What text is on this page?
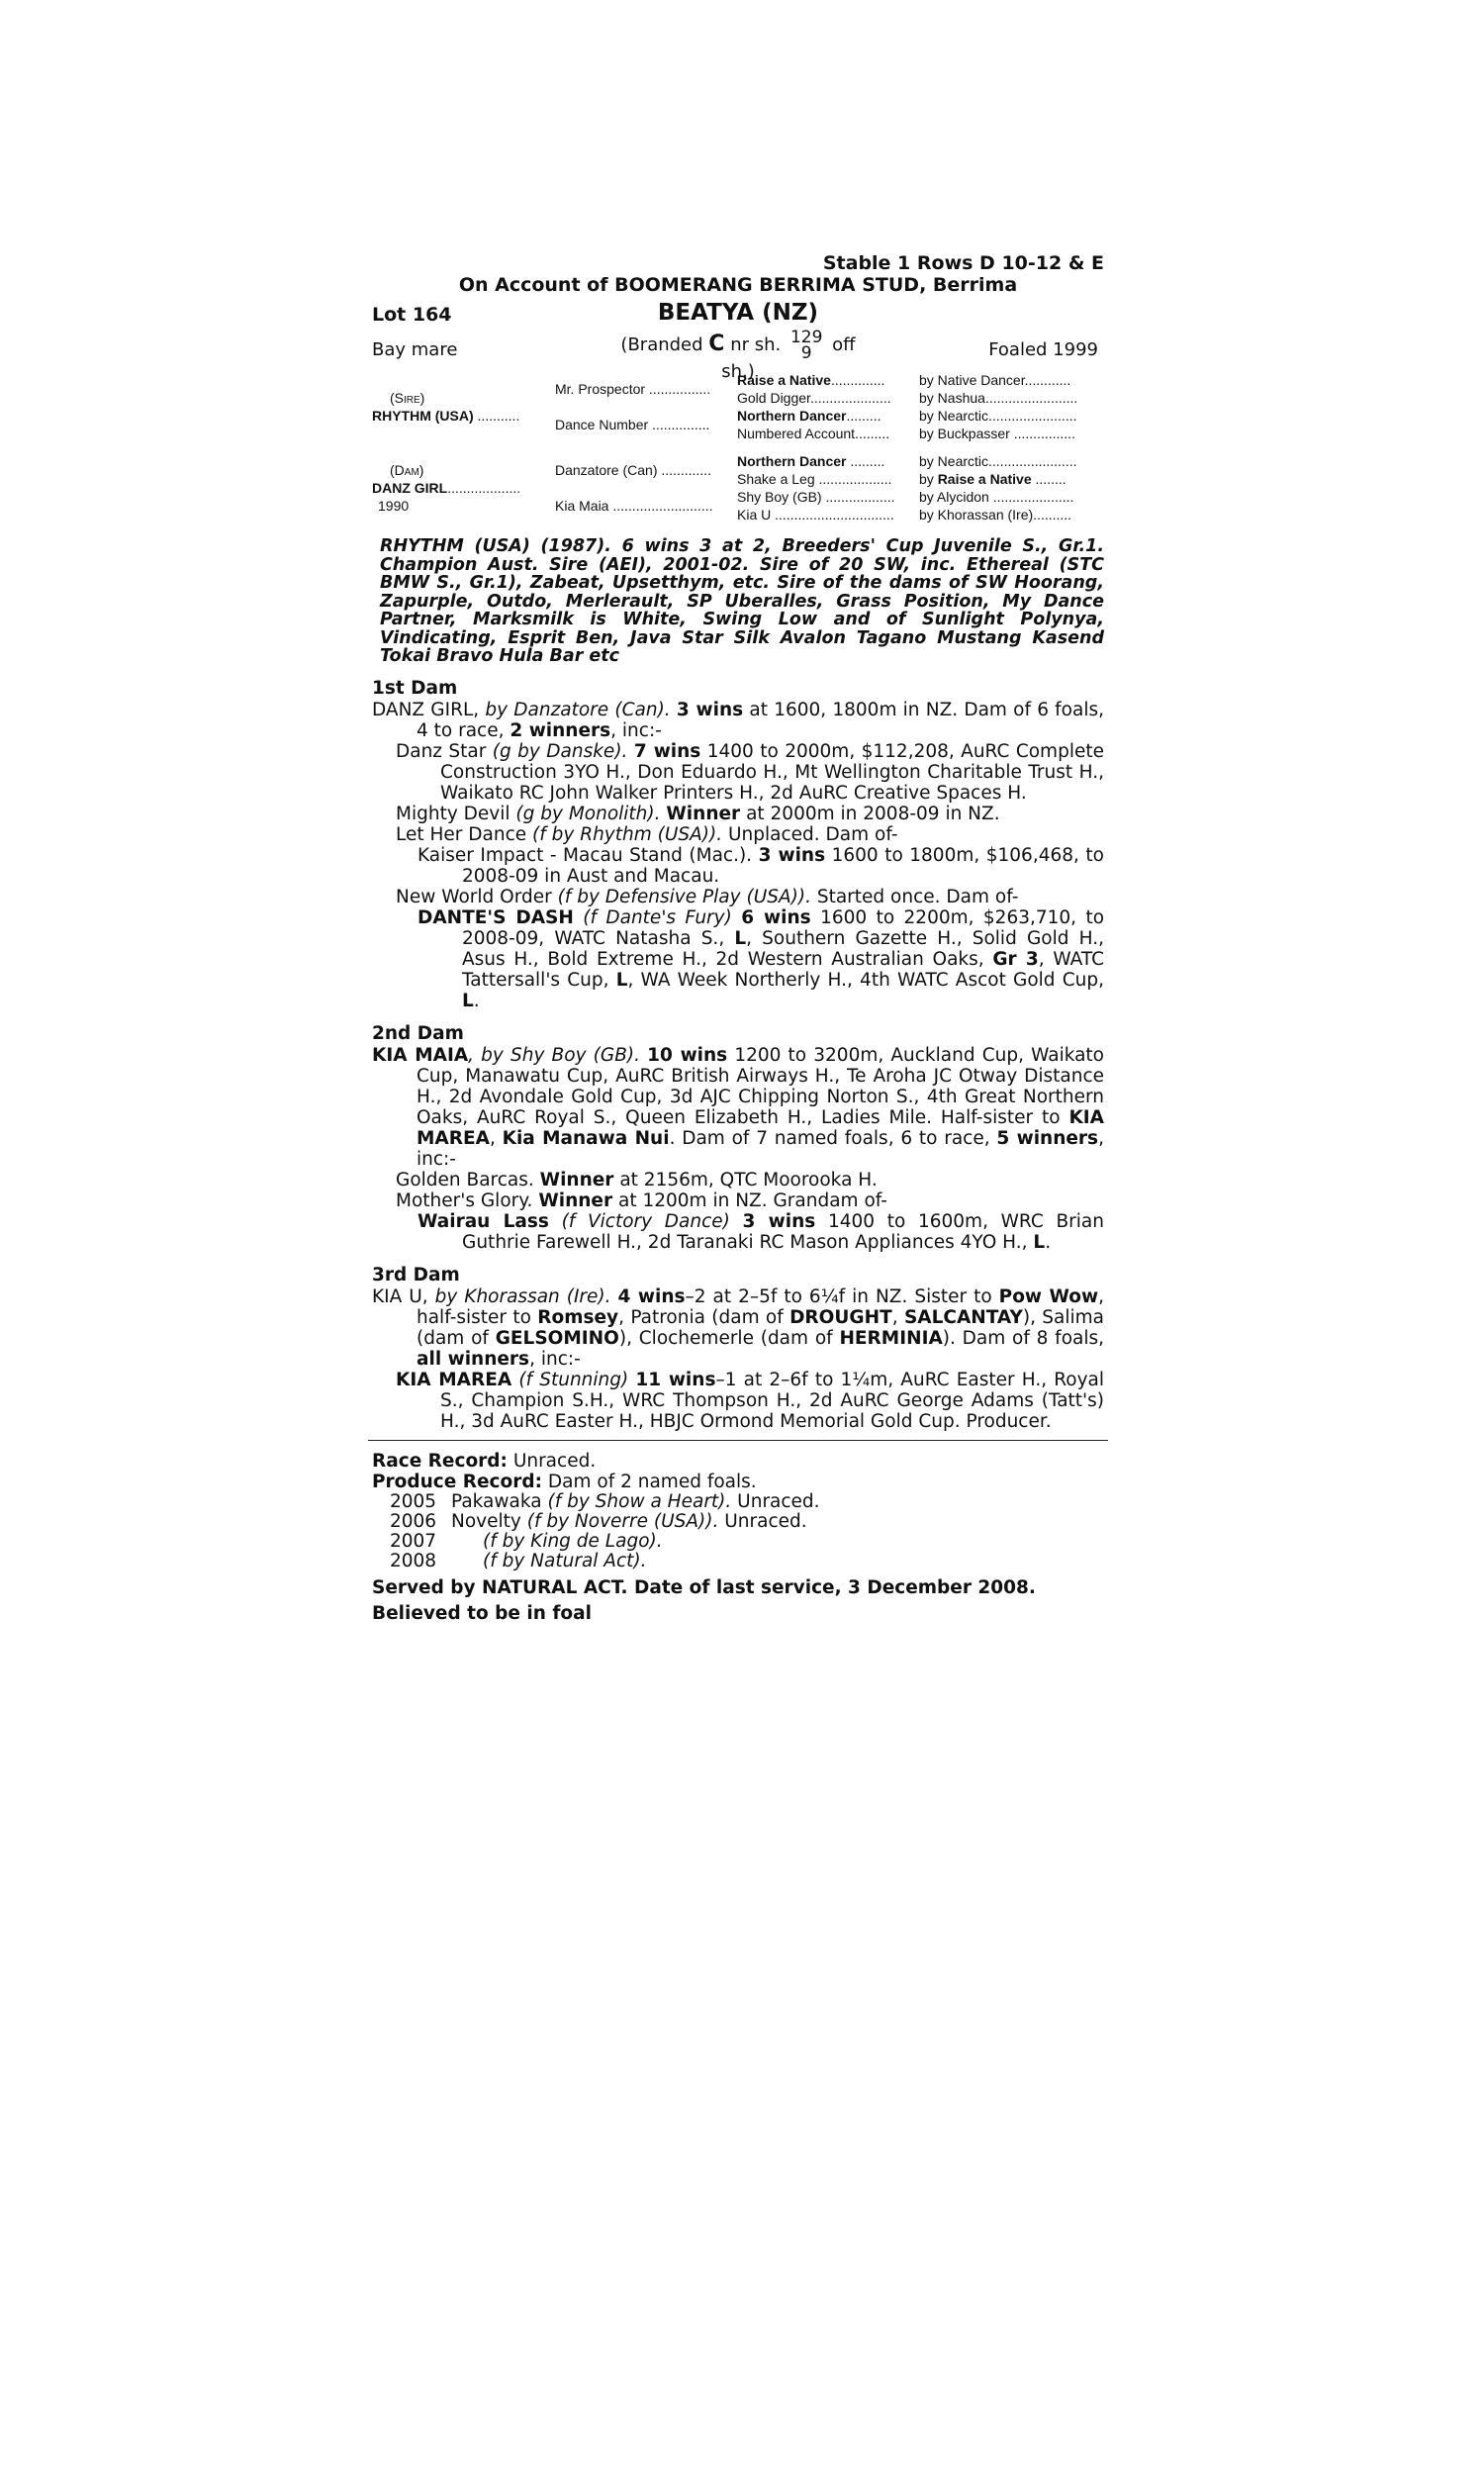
Stable 1 Rows D 10-12 & E
On Account of BOOMERANG BERRIMA STUD, Berrima
Lot 164	BEATYA (NZ)
Bay mare	(Branded C nr sh. 129
9	off sh.)
Foaled 1999
(Sire)
RHYTHM (USA) ...........	Mr. Prospector ................	Raise a Native..............	by Native Dancer............
		Gold Digger.....................	by Nashua........................
	Dance Number ...............	Northern Dancer.........	by Nearctic.......................
		Numbered Account.........	by Buckpasser ................

(Dam)
DANZ GIRL...................
1990	Danzatore (Can) .............	Northern Dancer .........	by Nearctic.......................
		Shake a Leg ...................	by Raise a Native ........
	Kia Maia ..........................	Shy Boy (GB) ..................	by Alycidon .....................
		Kia U ...............................	by Khorassan (Ire)..........
RHYTHM (USA) (1987). 6 wins 3 at 2, Breeders' Cup Juvenile S., Gr.1. Champion Aust. Sire (AEI), 2001-02. Sire of 20 SW, inc. Ethereal (STC BMW S., Gr.1), Zabeat, Upsetthym, etc. Sire of the dams of SW Hoorang, Zapurple, Outdo, Merlerault, SP Uberalles, Grass Position, My Dance Partner, Marksmilk is White, Swing Low and of Sunlight Polynya, Vindicating, Esprit Ben, Java Star Silk Avalon Tagano Mustang Kasend Tokai Bravo Hula Bar etc
1st Dam
DANZ GIRL, by Danzatore (Can). 3 wins at 1600, 1800m in NZ. Dam of 6 foals, 4 to race, 2 winners, inc:-
Danz Star (g by Danske). 7 wins 1400 to 2000m, $112,208, AuRC Complete Construction 3YO H., Don Eduardo H., Mt Wellington Charitable Trust H., Waikato RC John Walker Printers H., 2d AuRC Creative Spaces H.
Mighty Devil (g by Monolith). Winner at 2000m in 2008-09 in NZ.
Let Her Dance (f by Rhythm (USA)). Unplaced. Dam of-
Kaiser Impact - Macau Stand (Mac.). 3 wins 1600 to 1800m, $106,468, to 2008-09 in Aust and Macau.
New World Order (f by Defensive Play (USA)). Started once. Dam of-
DANTE'S DASH (f Dante's Fury) 6 wins 1600 to 2200m, $263,710, to 2008-09, WATC Natasha S., L, Southern Gazette H., Solid Gold H., Asus H., Bold Extreme H., 2d Western Australian Oaks, Gr 3, WATC Tattersall's Cup, L, WA Week Northerly H., 4th WATC Ascot Gold Cup, L.
2nd Dam
KIA MAIA, by Shy Boy (GB). 10 wins 1200 to 3200m, Auckland Cup, Waikato Cup, Manawatu Cup, AuRC British Airways H., Te Aroha JC Otway Distance H., 2d Avondale Gold Cup, 3d AJC Chipping Norton S., 4th Great Northern Oaks, AuRC Royal S., Queen Elizabeth H., Ladies Mile. Half-sister to KIA MAREA, Kia Manawa Nui. Dam of 7 named foals, 6 to race, 5 winners, inc:-
Golden Barcas. Winner at 2156m, QTC Moorooka H.
Mother's Glory. Winner at 1200m in NZ. Grandam of-
Wairau Lass (f Victory Dance) 3 wins 1400 to 1600m, WRC Brian Guthrie Farewell H., 2d Taranaki RC Mason Appliances 4YO H., L.
3rd Dam
KIA U, by Khorassan (Ire). 4 wins–2 at 2–5f to 6¼f in NZ. Sister to Pow Wow, half-sister to Romsey, Patronia (dam of DROUGHT, SALCANTAY), Salima (dam of GELSOMINO), Clochemerle (dam of HERMINIA). Dam of 8 foals, all winners, inc:-
KIA MAREA (f Stunning) 11 wins–1 at 2–6f to 1¼m, AuRC Easter H., Royal S., Champion S.H., WRC Thompson H., 2d AuRC George Adams (Tatt's) H., 3d AuRC Easter H., HBJC Ormond Memorial Gold Cup. Producer.
Race Record: Unraced.
Produce Record: Dam of 2 named foals.
2005 Pakawaka (f by Show a Heart). Unraced.
2006 Novelty (f by Noverre (USA)). Unraced.
2007	(f by King de Lago).
2008	(f by Natural Act).
Served by NATURAL ACT. Date of last service, 3 December 2008.
Believed to be in foal
